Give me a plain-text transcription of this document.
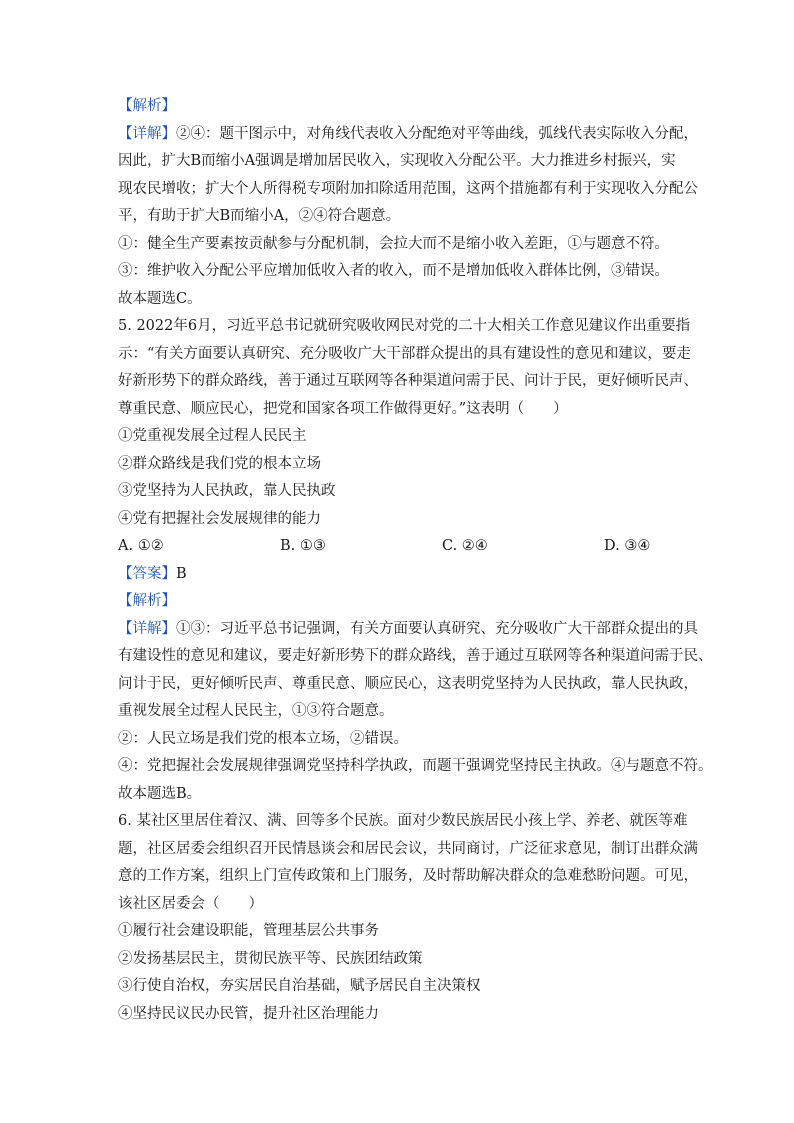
【解析】
【详解】②④：题干图示中，对角线代表收入分配绝对平等曲线，弧线代表实际收入分配，
因此，扩大B而缩小A强调是增加居民收入，实现收入分配公平。大力推进乡村振兴，实
现农民增收；扩大个人所得税专项附加扣除适用范围，这两个措施都有利于实现收入分配公
平，有助于扩大B而缩小A，②④符合题意。
①：健全生产要素按贡献参与分配机制，会拉大而不是缩小收入差距，①与题意不符。
③：维护收入分配公平应增加低收入者的收入，而不是增加低收入群体比例，③错误。
故本题选C。
5. 2022年6月，习近平总书记就研究吸收网民对党的二十大相关工作意见建议作出重要指
示：“有关方面要认真研究、充分吸收广大干部群众提出的具有建设性的意见和建议，要走
好新形势下的群众路线，善于通过互联网等各种渠道问需于民、问计于民，更好倾听民声、
尊重民意、顺应民心，把党和国家各项工作做得更好。”这表明（　　）
①党重视发展全过程人民民主
②群众路线是我们党的根本立场
③党坚持为人民执政，靠人民执政
④党有把握社会发展规律的能力
A. ①②	B. ①③	C. ②④	D. ③④
【答案】B
【解析】
【详解】①③：习近平总书记强调，有关方面要认真研究、充分吸收广大干部群众提出的具
有建设性的意见和建议，要走好新形势下的群众路线，善于通过互联网等各种渠道问需于民、
问计于民，更好倾听民声、尊重民意、顺应民心，这表明党坚持为人民执政，靠人民执政，
重视发展全过程人民民主，①③符合题意。
②：人民立场是我们党的根本立场，②错误。
④：党把握社会发展规律强调党坚持科学执政，而题干强调党坚持民主执政。④与题意不符。
故本题选B。
6. 某社区里居住着汉、满、回等多个民族。面对少数民族居民小孩上学、养老、就医等难
题，社区居委会组织召开民情恳谈会和居民会议，共同商讨，广泛征求意见，制订出群众满
意的工作方案，组织上门宣传政策和上门服务，及时帮助解决群众的急难愁盼问题。可见，
该社区居委会（　　）
①履行社会建设职能，管理基层公共事务
②发扬基层民主，贯彻民族平等、民族团结政策
③行使自治权，夯实居民自治基础，赋予居民自主决策权
④坚持民议民办民管，提升社区治理能力
